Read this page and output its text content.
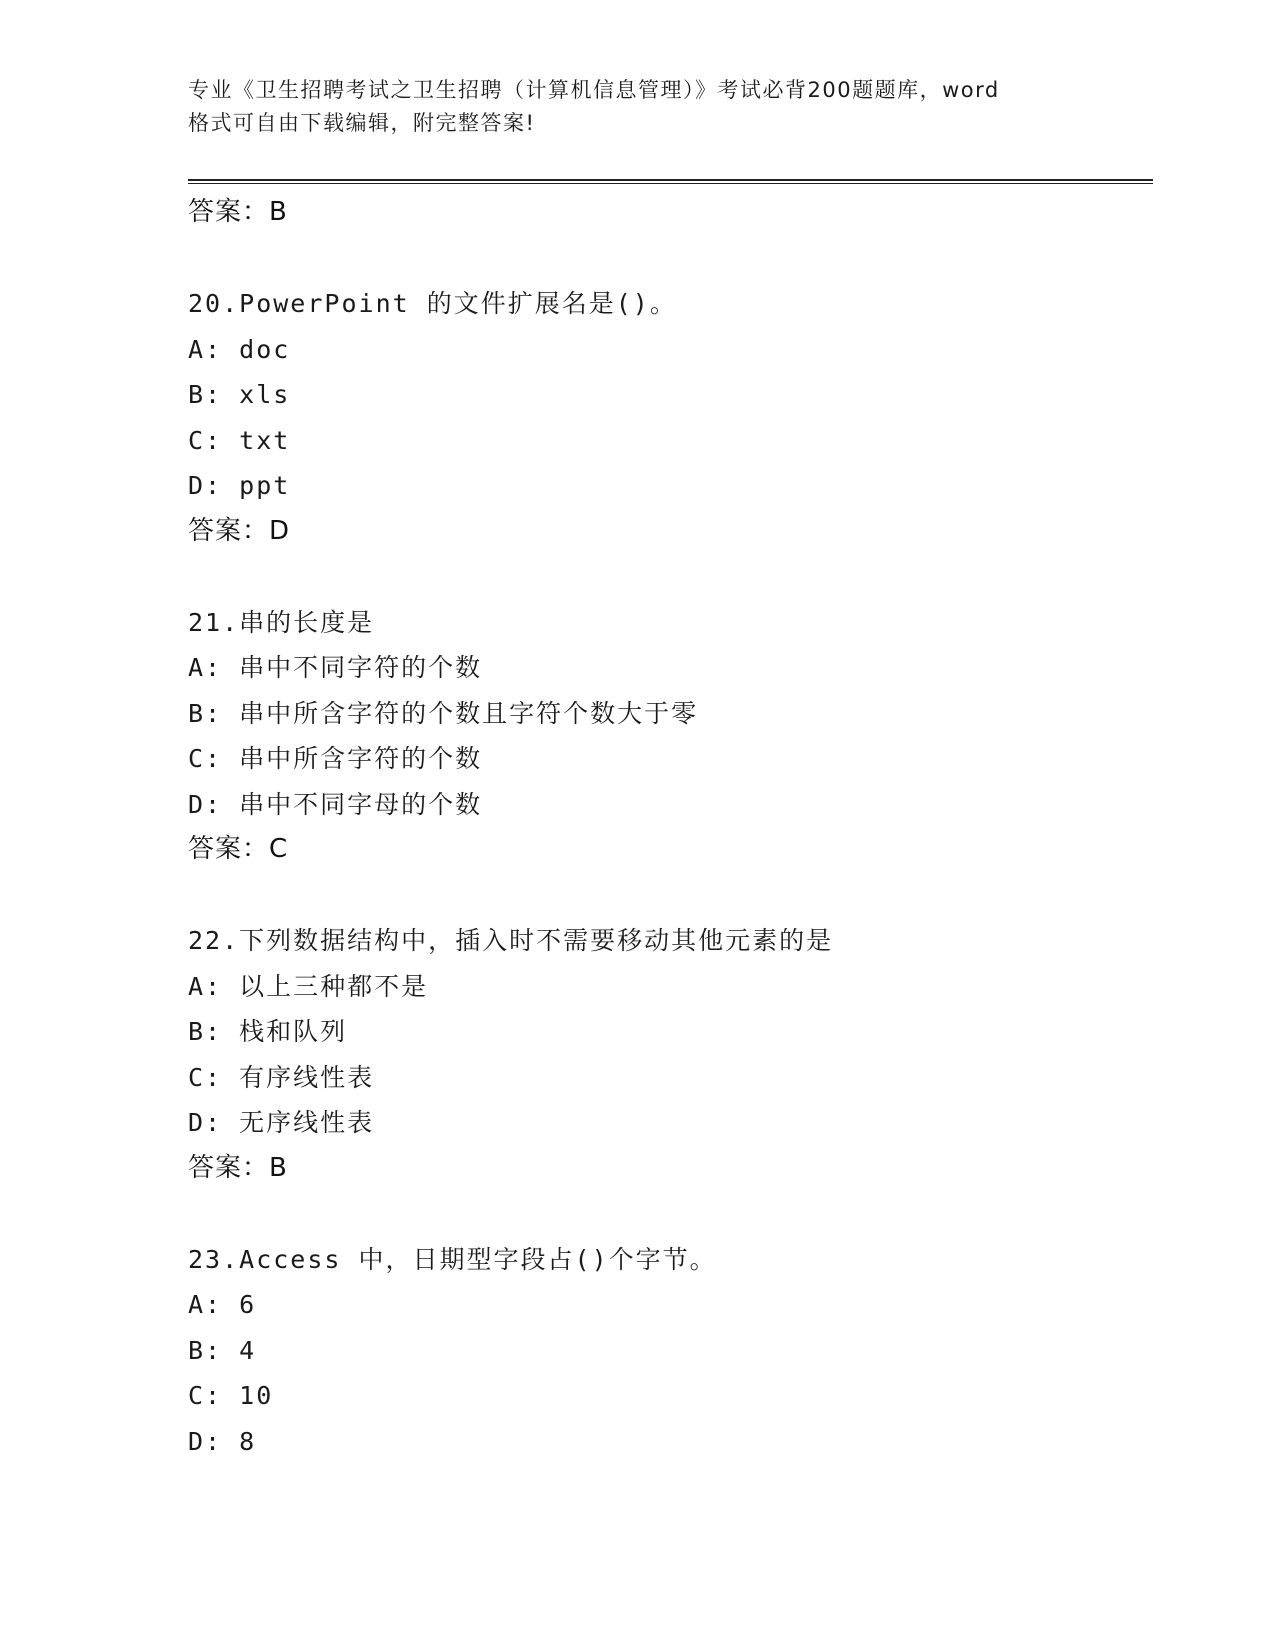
专业《卫生招聘考试之卫生招聘（计算机信息管理）》考试必背200题题库，word
格式可自由下载编辑，附完整答案!
答案：B
20.PowerPoint 的文件扩展名是()。
A: doc
B: xls
C: txt
D: ppt
答案：D
21.串的长度是
A: 串中不同字符的个数
B: 串中所含字符的个数且字符个数大于零
C: 串中所含字符的个数
D: 串中不同字母的个数
答案：C
22.下列数据结构中，插入时不需要移动其他元素的是
A: 以上三种都不是
B: 栈和队列
C: 有序线性表
D: 无序线性表
答案：B
23.Access 中，日期型字段占()个字节。
A: 6
B: 4
C: 10
D: 8
